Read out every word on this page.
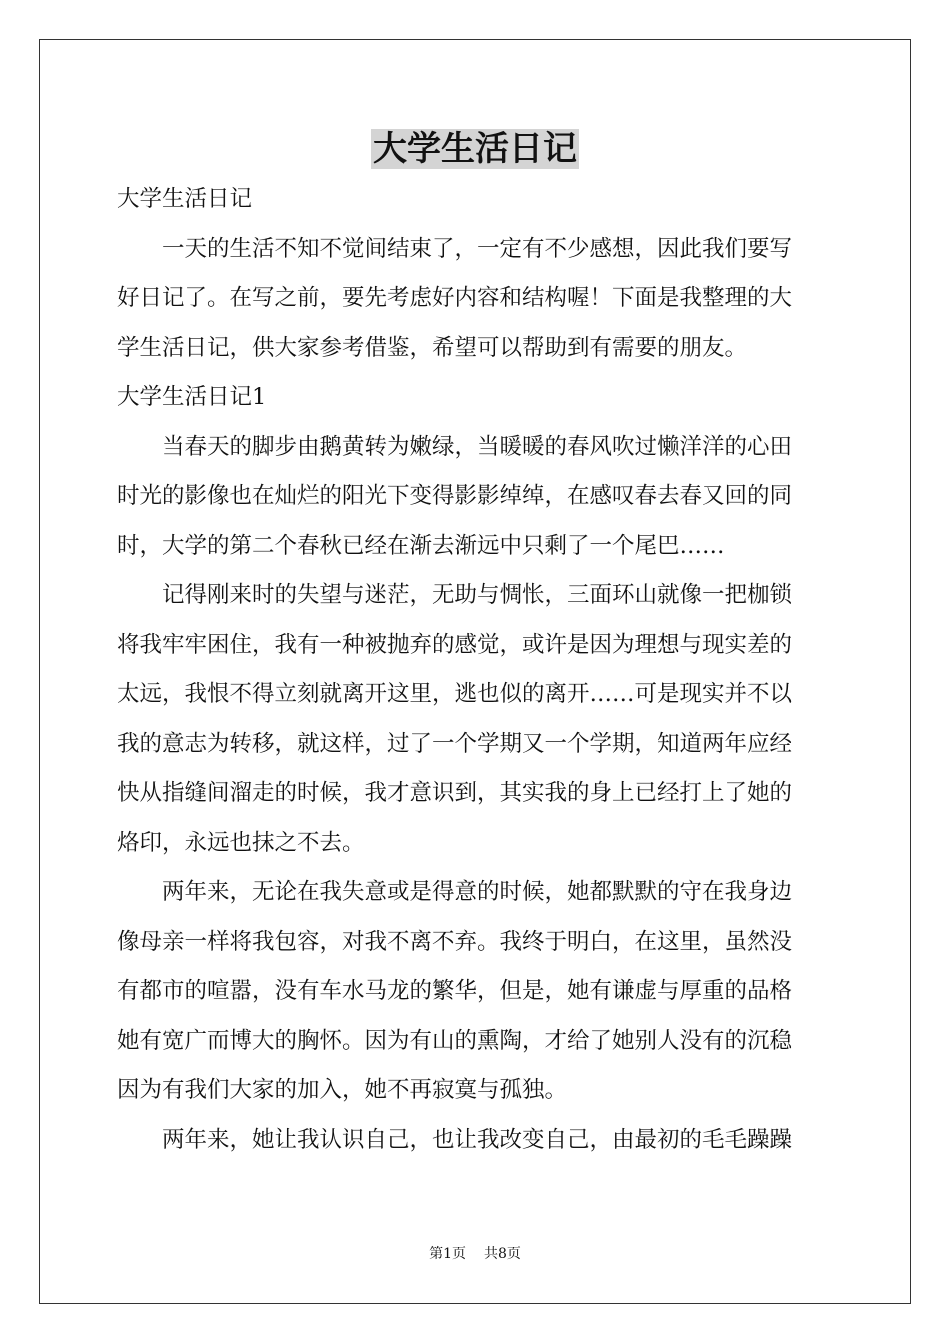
大学生活日记

大学生活日记

　　一天的生活不知不觉间结束了，一定有不少感想，因此我们要写

好日记了。在写之前，要先考虑好内容和结构喔！下面是我整理的大

学生活日记，供大家参考借鉴，希望可以帮助到有需要的朋友。

大学生活日记1

　　当春天的脚步由鹅黄转为嫩绿，当暖暖的春风吹过懒洋洋的心田

时光的影像也在灿烂的阳光下变得影影绰绰，在感叹春去春又回的同

时，大学的第二个春秋已经在渐去渐远中只剩了一个尾巴……

　　记得刚来时的失望与迷茫，无助与惆怅，三面环山就像一把枷锁

将我牢牢困住，我有一种被抛弃的感觉，或许是因为理想与现实差的

太远，我恨不得立刻就离开这里，逃也似的离开……可是现实并不以

我的意志为转移，就这样，过了一个学期又一个学期，知道两年应经

快从指缝间溜走的时候，我才意识到，其实我的身上已经打上了她的

烙印，永远也抹之不去。

　　两年来，无论在我失意或是得意的时候，她都默默的守在我身边

像母亲一样将我包容，对我不离不弃。我终于明白，在这里，虽然没

有都市的喧嚣，没有车水马龙的繁华，但是，她有谦虚与厚重的品格

她有宽广而博大的胸怀。因为有山的熏陶，才给了她别人没有的沉稳

因为有我们大家的加入，她不再寂寞与孤独。

　　两年来，她让我认识自己，也让我改变自己，由最初的毛毛躁躁

第1页 共8页
